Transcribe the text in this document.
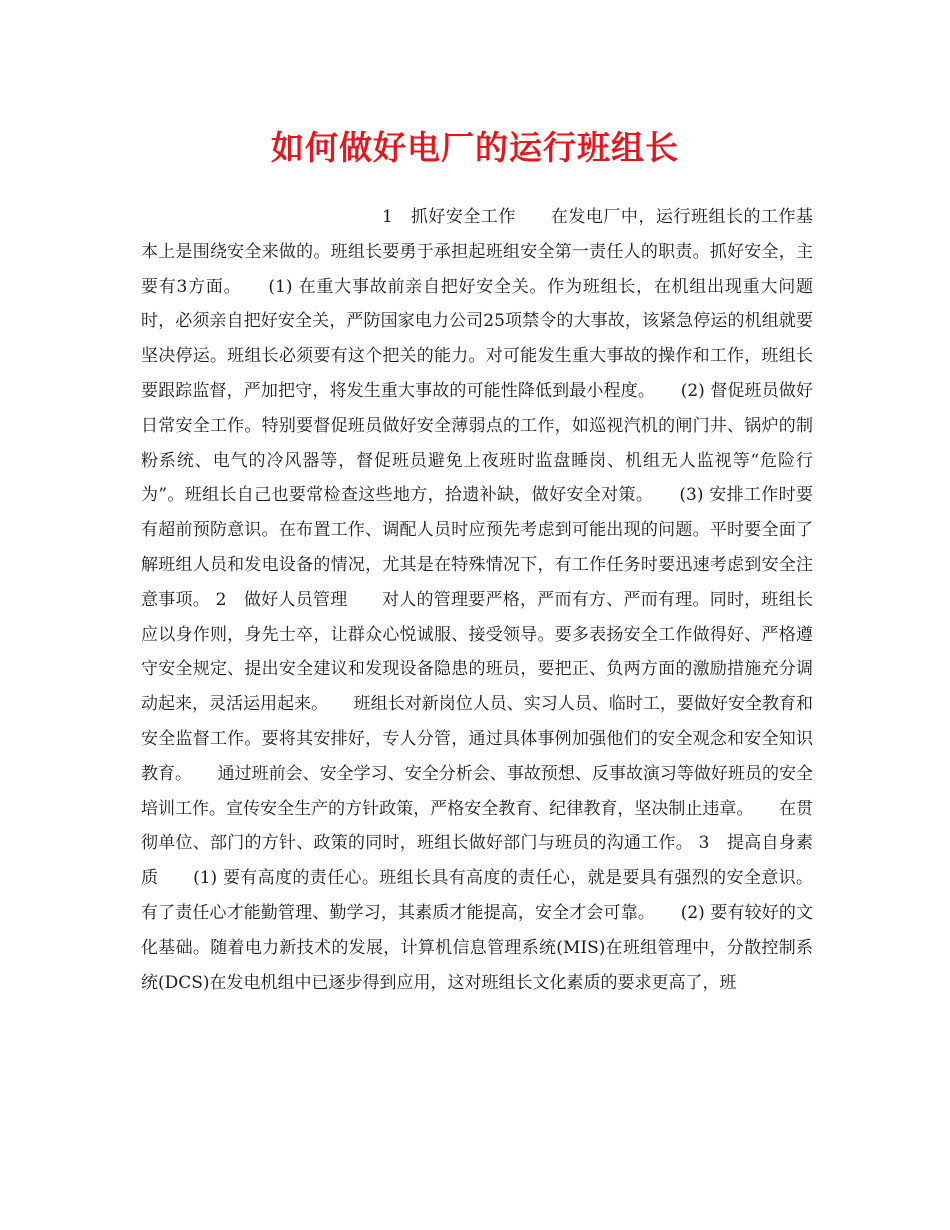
如何做好电厂的运行班组长

1　抓好安全工作　　在发电厂中，运行班组长的工作基本上是围绕安全来做的。班组长要勇于承担起班组安全第一责任人的职责。抓好安全，主要有3方面。　　(1) 在重大事故前亲自把好安全关。作为班组长，在机组出现重大问题时，必须亲自把好安全关，严防国家电力公司25项禁令的大事故，该紧急停运的机组就要坚决停运。班组长必须要有这个把关的能力。对可能发生重大事故的操作和工作，班组长要跟踪监督，严加把守，将发生重大事故的可能性降低到最小程度。　　(2) 督促班员做好日常安全工作。特别要督促班员做好安全薄弱点的工作，如巡视汽机的闸门井、锅炉的制粉系统、电气的冷风器等，督促班员避免上夜班时监盘睡岗、机组无人监视等“危险行为”。班组长自己也要常检查这些地方，拾遗补缺，做好安全对策。　　(3) 安排工作时要有超前预防意识。在布置工作、调配人员时应预先考虑到可能出现的问题。平时要全面了解班组人员和发电设备的情况，尤其是在特殊情况下，有工作任务时要迅速考虑到安全注意事项。 2　做好人员管理　　对人的管理要严格，严而有方、严而有理。同时，班组长应以身作则，身先士卒，让群众心悦诚服、接受领导。要多表扬安全工作做得好、严格遵守安全规定、提出安全建议和发现设备隐患的班员，要把正、负两方面的激励措施充分调动起来，灵活运用起来。　　班组长对新岗位人员、实习人员、临时工，要做好安全教育和安全监督工作。要将其安排好，专人分管，通过具体事例加强他们的安全观念和安全知识教育。　　通过班前会、安全学习、安全分析会、事故预想、反事故演习等做好班员的安全培训工作。宣传安全生产的方针政策，严格安全教育、纪律教育，坚决制止违章。　　在贯彻单位、部门的方针、政策的同时，班组长做好部门与班员的沟通工作。 3　提高自身素质　　(1) 要有高度的责任心。班组长具有高度的责任心，就是要具有强烈的安全意识。有了责任心才能勤管理、勤学习，其素质才能提高，安全才会可靠。　　(2) 要有较好的文化基础。随着电力新技术的发展，计算机信息管理系统(MIS)在班组管理中，分散控制系统(DCS)在发电机组中已逐步得到应用，这对班组长文化素质的要求更高了，班
